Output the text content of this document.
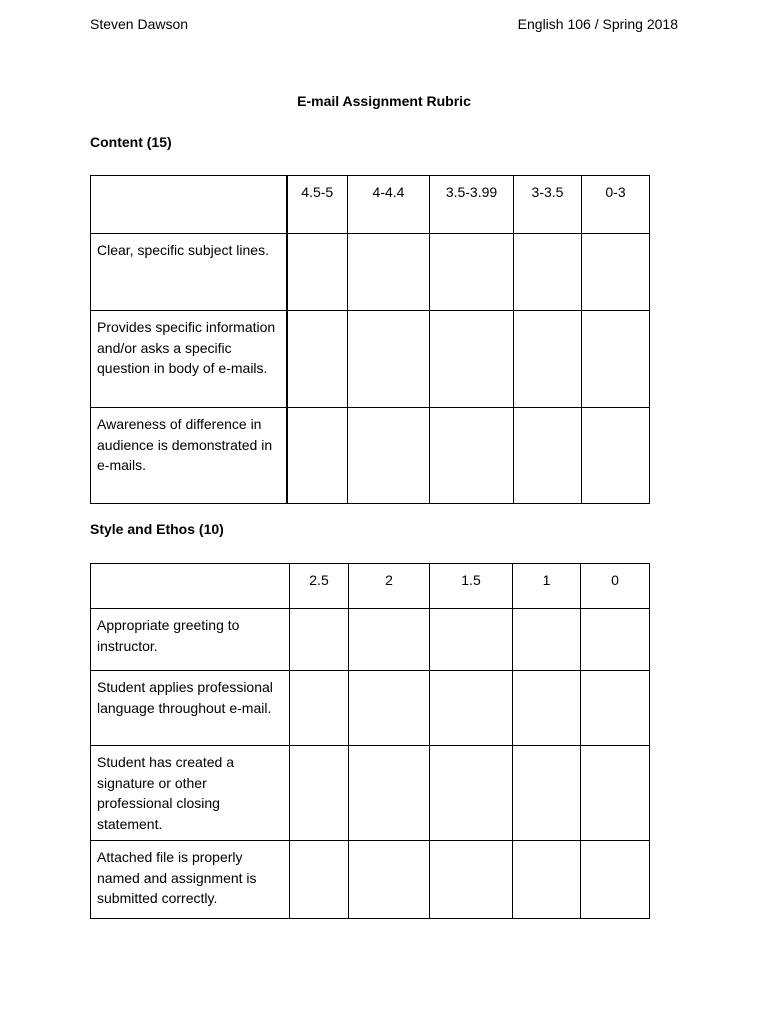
Steven Dawson	English 106 / Spring 2018
E-mail Assignment Rubric
Content (15)
	4.5-5	4-4.4	3.5-3.99	3-3.5	0-3
Clear, specific subject lines.					
Provides specific information and/or asks a specific question in body of e-mails.					
Awareness of difference in audience is demonstrated in e-mails.					
Style and Ethos (10)
	2.5	2	1.5	1	0
Appropriate greeting to instructor.					
Student applies professional language throughout e-mail.					
Student has created a signature or other professional closing statement.					
Attached file is properly named and assignment is submitted correctly.					
